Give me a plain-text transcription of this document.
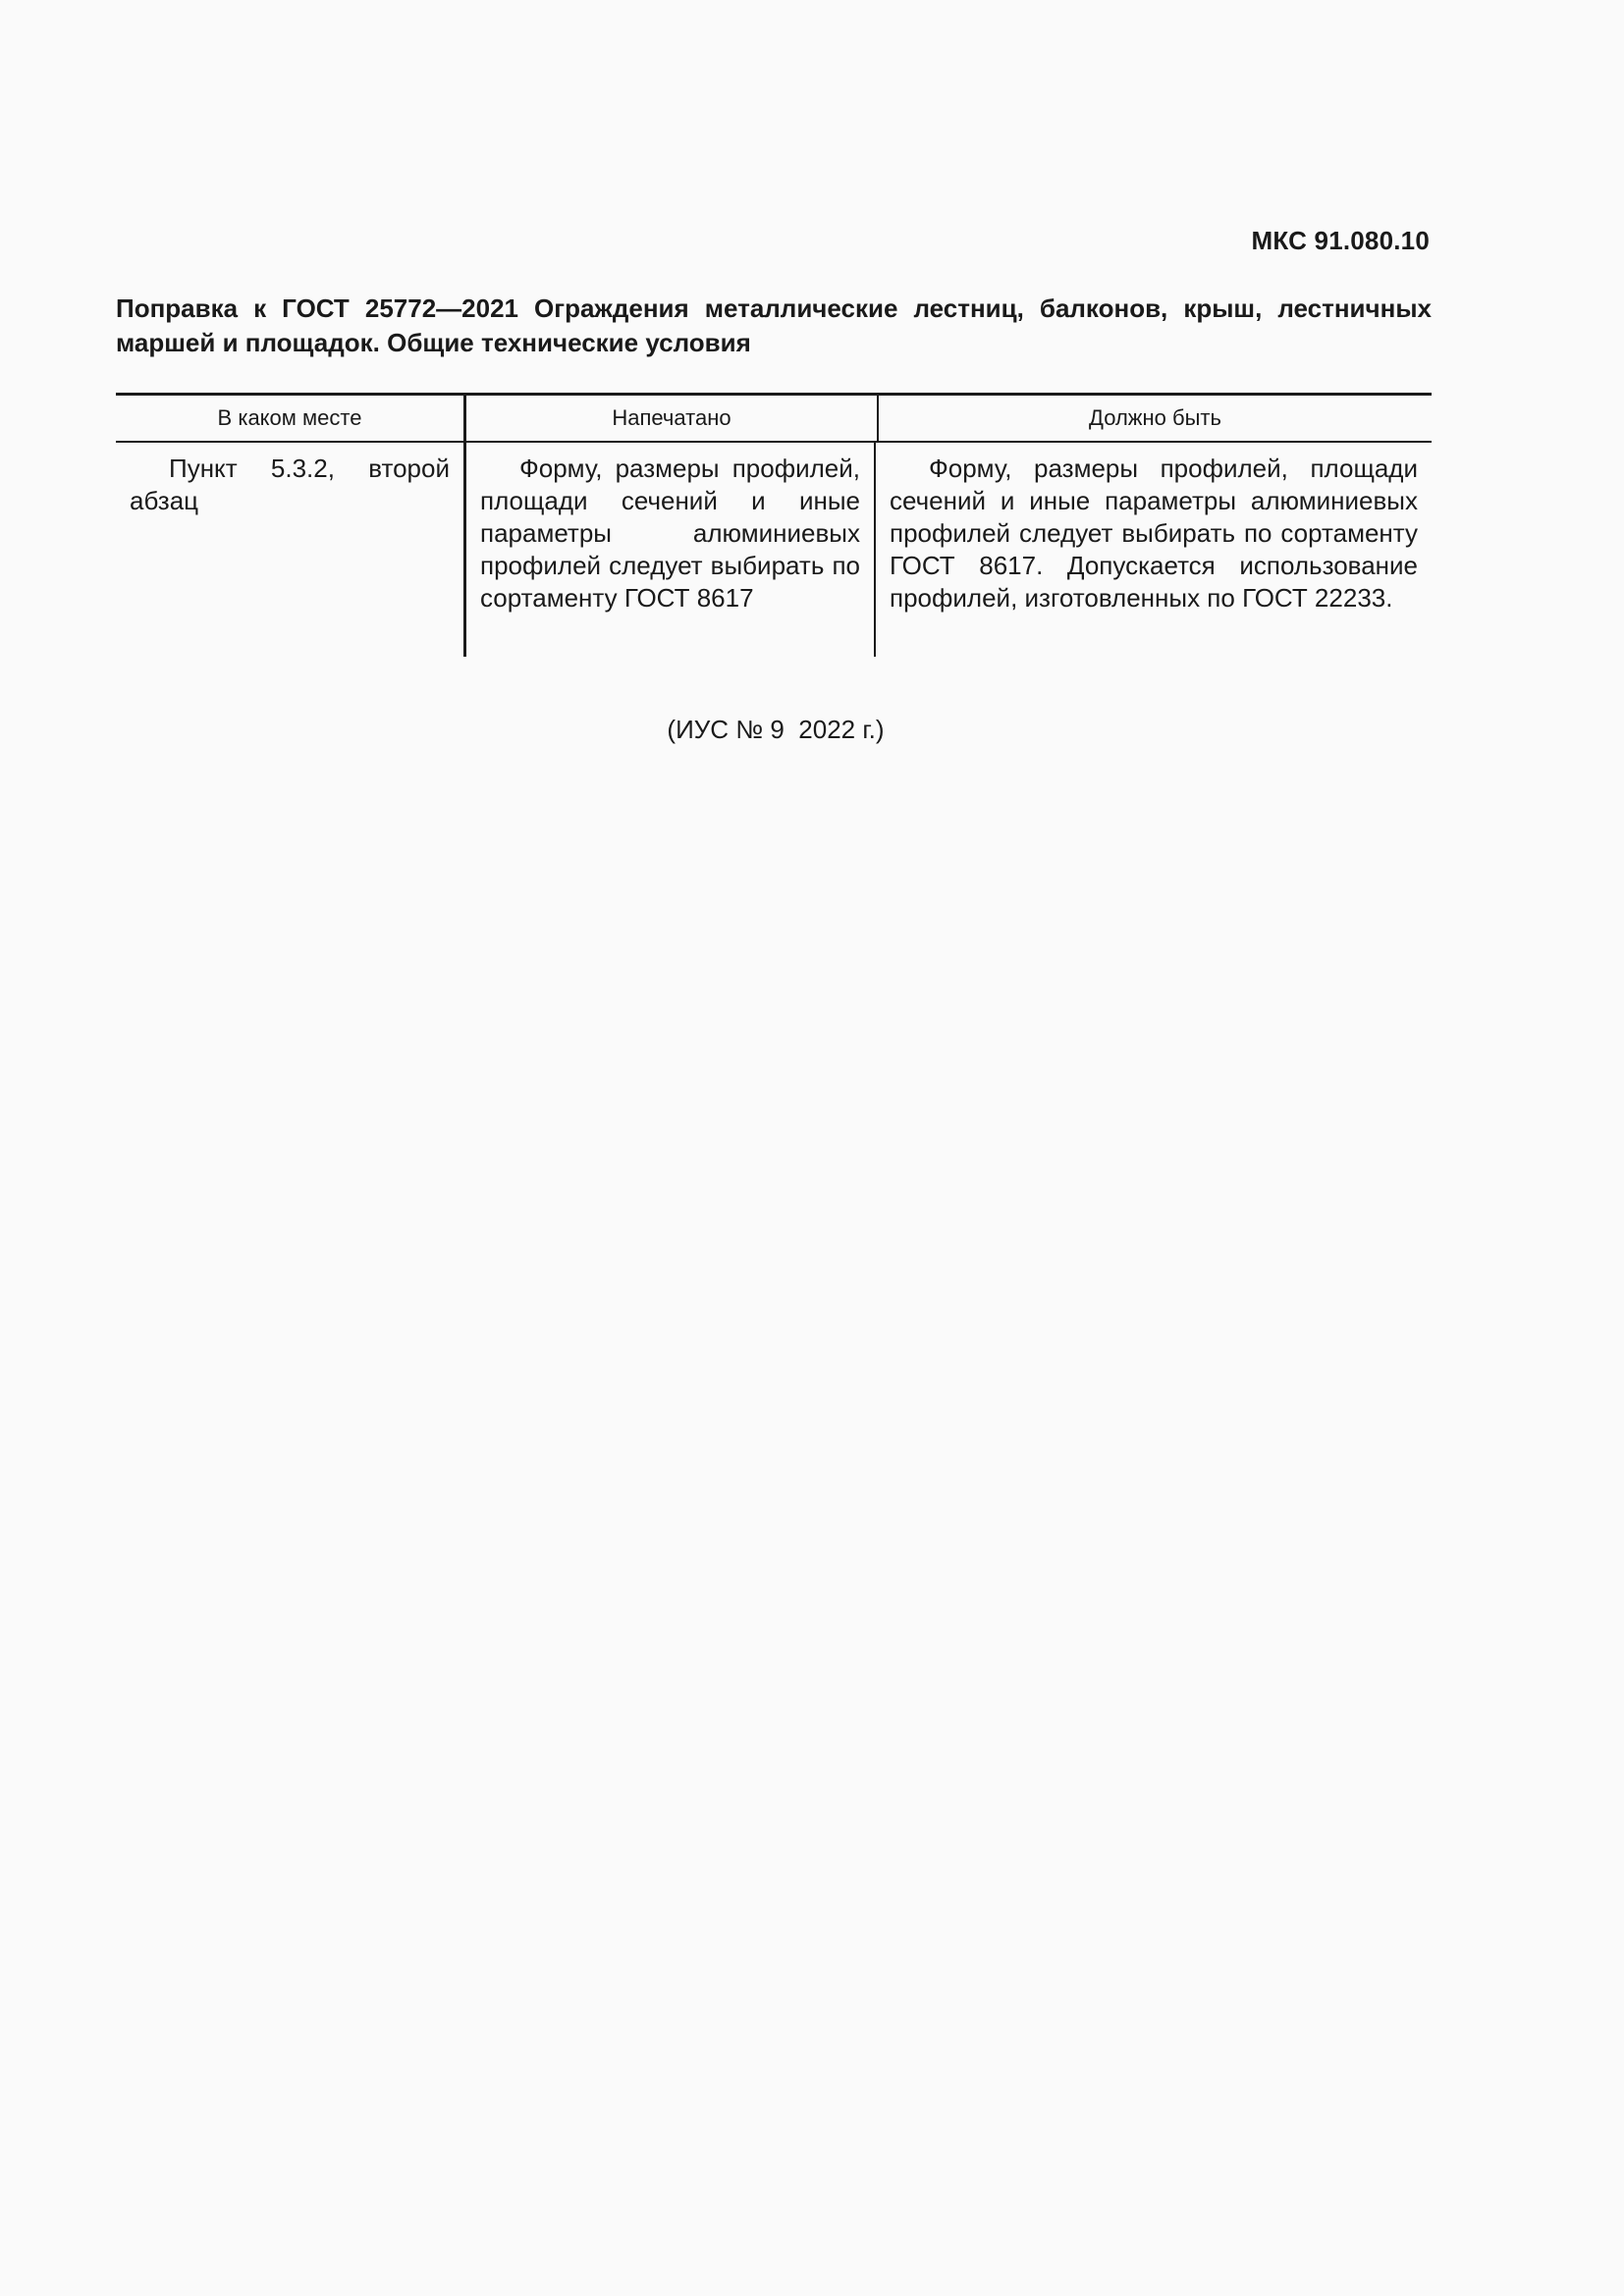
МКС 91.080.10
Поправка к ГОСТ 25772—2021 Ограждения металлические лестниц, балконов, крыш, лестничных маршей и площадок. Общие технические условия
В каком месте	Напечатано	Должно быть
Пункт 5.3.2, второй абзац
Форму, размеры профилей, площади сечений и иные параметры алюминиевых профилей следует выбирать по сортаменту ГОСТ 8617
Форму, размеры профилей, площади сечений и иные параметры алюминиевых профилей следует выбирать по сортаменту ГОСТ 8617. Допускается использование профилей, изготовленных по ГОСТ 22233.
(ИУС № 9  2022 г.)
